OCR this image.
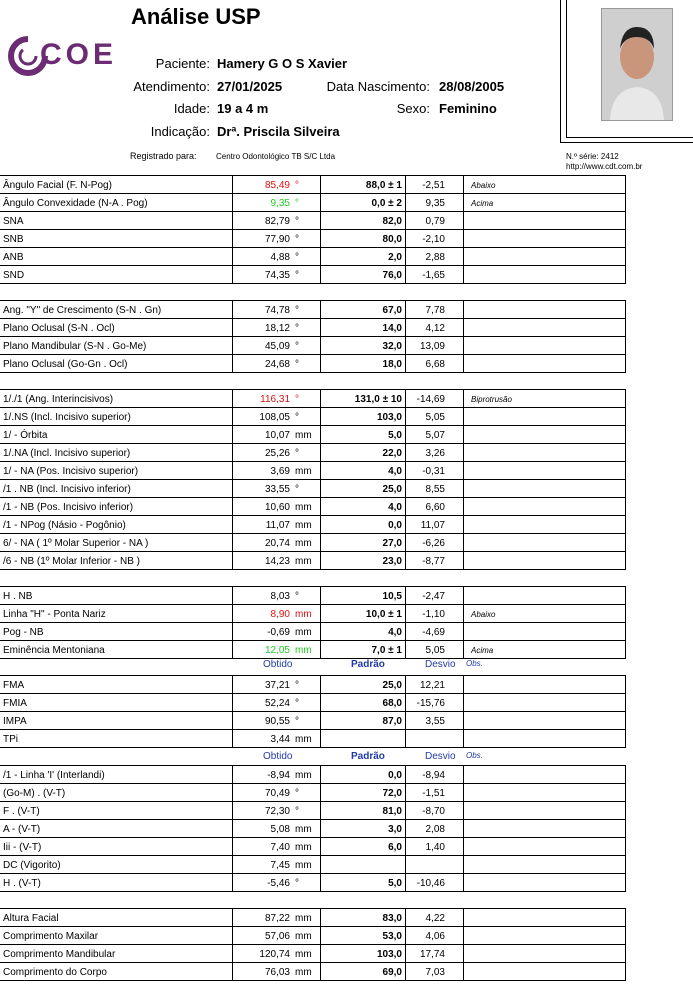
Análise USP
COE	Paciente: Hamery G O S Xavier
Atendimento: 27/01/2025	Data Nascimento: 28/08/2005
Idade: 19 a 4 m	Sexo: Feminino
Indicação: Drª. Priscila Silveira
Registrado para: Centro Odontológico TB S/C Ltda	N.º série: 2412
http://www.cdt.com.br
Ângulo Facial (F. N-Pog)	85,49 °	88,0 ± 1	-2,51	Abaixo
Ângulo Convexidade (N-A . Pog)	9,35 °	0,0 ± 2	9,35	Acima
SNA	82,79 °	82,0	0,79
SNB	77,90 °	80,0	-2,10
ANB	4,88 °	2,0	2,88
SND	74,35 °	76,0	-1,65
Ang. "Y" de Crescimento (S-N . Gn)	74,78 °	67,0	7,78
Plano Oclusal (S-N . Ocl)	18,12 °	14,0	4,12
Plano Mandibular (S-N . Go-Me)	45,09 °	32,0	13,09
Plano Oclusal (Go-Gn . Ocl)	24,68 °	18,0	6,68
1/./1 (Ang. Interincisivos)	116,31 °	131,0 ± 10	-14,69	Biprotrusão
1/.NS (Incl. Incisivo superior)	108,05 °	103,0	5,05
1/ - Órbita	10,07 mm	5,0	5,07
1/.NA (Incl. Incisivo superior)	25,26 °	22,0	3,26
1/ - NA (Pos. Incisivo superior)	3,69 mm	4,0	-0,31
/1 . NB (Incl. Incisivo inferior)	33,55 °	25,0	8,55
/1 - NB (Pos. Incisivo inferior)	10,60 mm	4,0	6,60
/1 - NPog (Násio - Pogônio)	11,07 mm	0,0	11,07
6/ - NA ( 1º Molar Superior - NA )	20,74 mm	27,0	-6,26
/6 - NB (1º Molar Inferior - NB )	14,23 mm	23,0	-8,77
H . NB	8,03 °	10,5	-2,47
Linha "H" - Ponta Nariz	8,90 mm	10,0 ± 1	-1,10	Abaixo
Pog - NB	-0,69 mm	4,0	-4,69
Eminência Mentoniana	12,05 mm	7,0 ± 1	5,05	Acima
FMA	37,21 °	25,0	12,21
FMIA	52,24 °	68,0	-15,76
IMPA	90,55 °	87,0	3,55
TPi	3,44 mm
/1 - Linha 'I' (Interlandi)	-8,94 mm	0,0	-8,94
(Go-M) . (V-T)	70,49 °	72,0	-1,51
F . (V-T)	72,30 °	81,0	-8,70
A - (V-T)	5,08 mm	3,0	2,08
Iii - (V-T)	7,40 mm	6,0	1,40
DC (Vigorito)	7,45 mm
H . (V-T)	-5,46 °	5,0	-10,46
Altura Facial	87,22 mm	83,0	4,22
Comprimento Maxilar	57,06 mm	53,0	4,06
Comprimento Mandibular	120,74 mm	103,0	17,74
Comprimento do Corpo	76,03 mm	69,0	7,03
Obtido	Padrão	Desvio Obs.
Obtido	Padrão	Desvio Obs.
